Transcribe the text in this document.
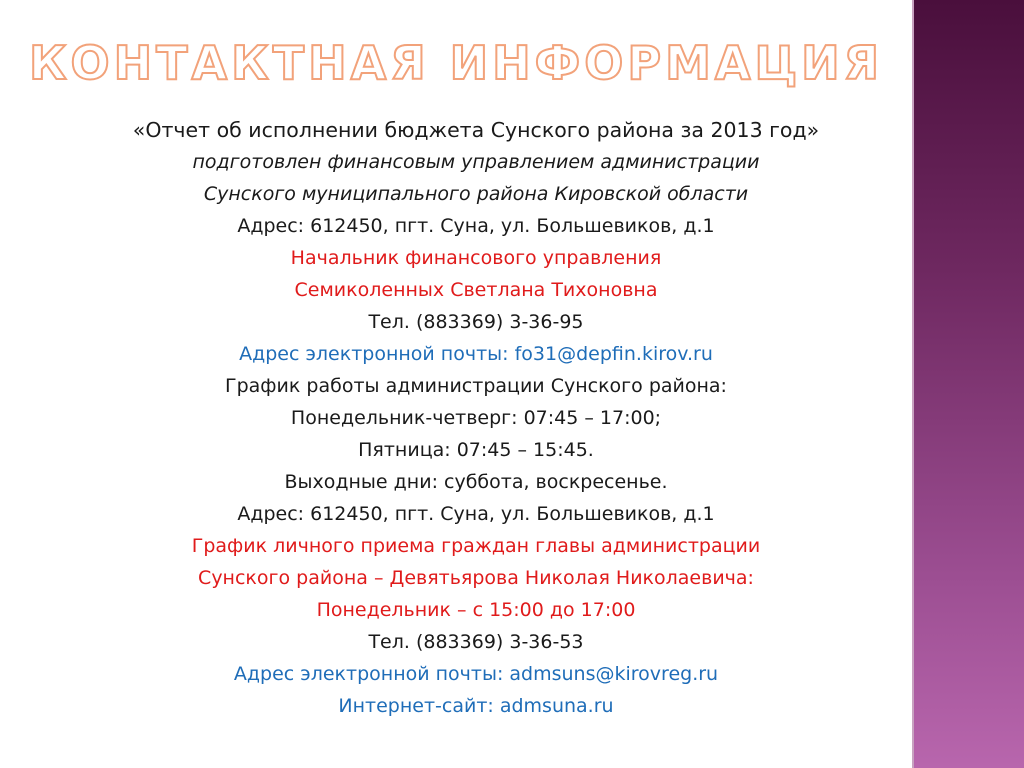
КОНТАКТНАЯ ИНФОРМАЦИЯ
«Отчет об исполнении бюджета Сунского района за 2013 год»
подготовлен финансовым управлением администрации
Сунского муниципального района Кировской области
Адрес: 612450, пгт. Суна, ул. Большевиков, д.1
Начальник финансового управления
Семиколенных Светлана Тихоновна
Тел. (883369) 3-36-95
Адрес электронной почты: fo31@depfin.kirov.ru
График работы администрации Сунского района:
Понедельник-четверг: 07:45 – 17:00;
Пятница: 07:45 – 15:45.
Выходные дни: суббота, воскресенье.
Адрес: 612450, пгт. Суна, ул. Большевиков, д.1
График личного приема граждан главы администрации
Сунского района – Девятьярова Николая Николаевича:
Понедельник – с 15:00 до 17:00
Тел. (883369) 3-36-53
Адрес электронной почты: admsuns@kirovreg.ru
Интернет-сайт: admsuna.ru
